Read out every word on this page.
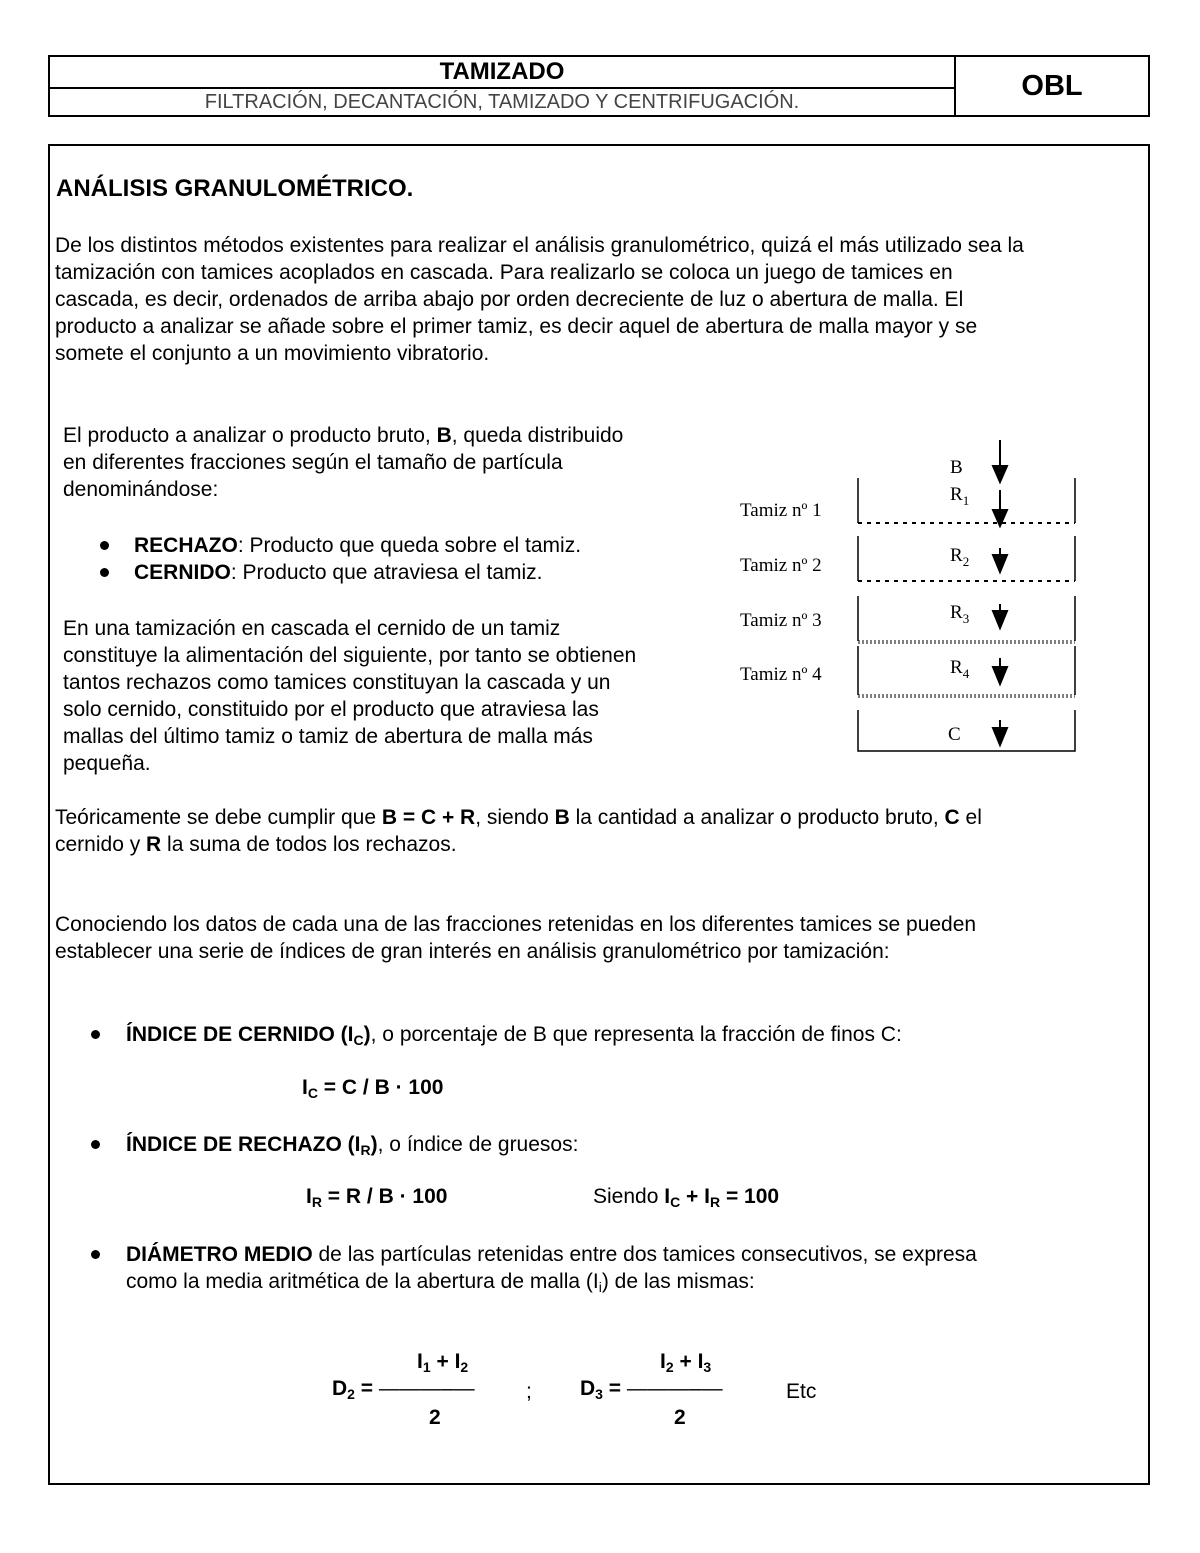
TAMIZADO
FILTRACIÓN, DECANTACIÓN, TAMIZADO Y CENTRIFUGACIÓN.	OBL
ANÁLISIS GRANULOMÉTRICO.
De los distintos métodos existentes para realizar el análisis granulométrico, quizá el más utilizado sea la
tamización con tamices acoplados en cascada. Para realizarlo se coloca un juego de tamices en
cascada, es decir, ordenados de arriba abajo por orden decreciente de luz o abertura de malla. El
producto a analizar se añade sobre el primer tamiz, es decir aquel de abertura de malla mayor y se
somete el conjunto a un movimiento vibratorio.
El producto a analizar o producto bruto, B, queda distribuido
en diferentes fracciones según el tamaño de partícula
denominándose:
RECHAZO: Producto que queda sobre el tamiz.
CERNIDO: Producto que atraviesa el tamiz.
En una tamización en cascada el cernido de un tamiz
constituye la alimentación del siguiente, por tanto se obtienen
tantos rechazos como tamices constituyan la cascada y un
solo cernido, constituido por el producto que atraviesa las
mallas del último tamiz o tamiz de abertura de malla más
pequeña.
B
Tamiz nº 1
Tamiz nº 2
Tamiz nº 3
Tamiz nº 4
$R_1$
$R_2$
$R_3$
$R_4$
C
Teóricamente se debe cumplir que B = C + R, siendo B la cantidad a analizar o producto bruto, C el
cernido y R la suma de todos los rechazos.
Conociendo los datos de cada una de las fracciones retenidas en los diferentes tamices se pueden
establecer una serie de índices de gran interés en análisis granulométrico por tamización:
ÍNDICE DE CERNIDO $(I_C)$, o porcentaje de B que representa la fracción de finos C:
$I_C = C / B \cdot 100$
ÍNDICE DE RECHAZO $(I_R)$, o índice de gruesos:
$I_R = R / B \cdot 100$	Siendo $I_C + I_R = 100$
DIÁMETRO MEDIO de las partículas retenidas entre dos tamices consecutivos, se expresa
como la media aritmética de la abertura de malla $(I_i)$ de las mismas:
$I_1 + I_2$
$D_2$ = ———–—
2
;
$I_2 + I_3$
$D_3$ = ———–—
2
Etc
